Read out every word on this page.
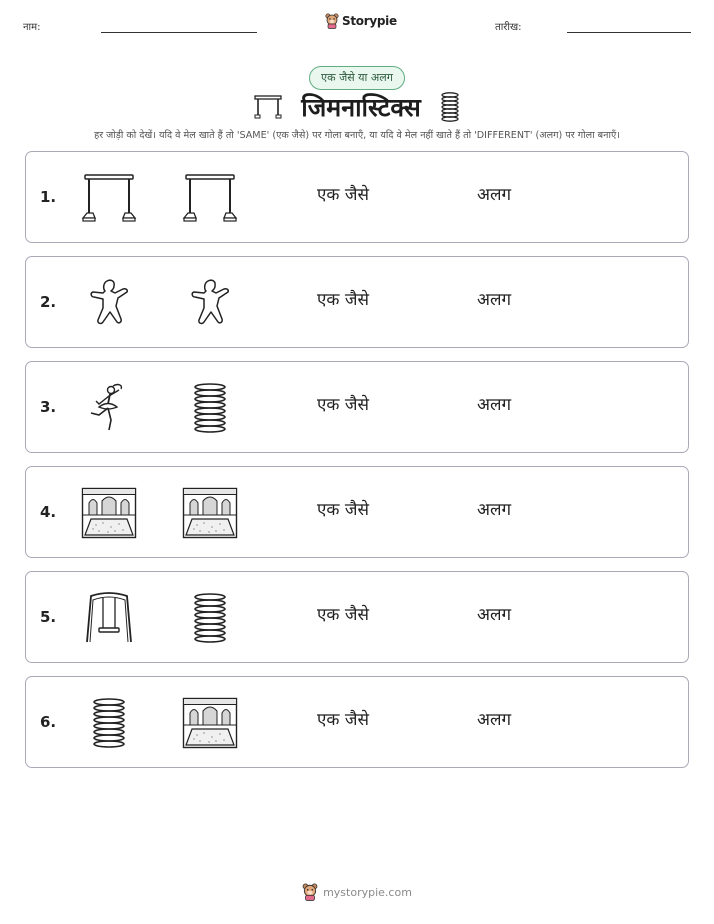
नाम:	Storypie	तारीख:
एक जैसे या अलग
जिमनास्टिक्स
हर जोड़ी को देखें। यदि वे मेल खाते हैं तो 'SAME' (एक जैसे) पर गोला बनाएँ, या यदि वे मेल नहीं खाते हैं तो 'DIFFERENT' (अलग) पर गोला बनाएँ।
1.	एक जैसे	अलग
2.	एक जैसे	अलग
3.	एक जैसे	अलग
4.	एक जैसे	अलग
5.	एक जैसे	अलग
6.	एक जैसे	अलग
mystorypie.com
